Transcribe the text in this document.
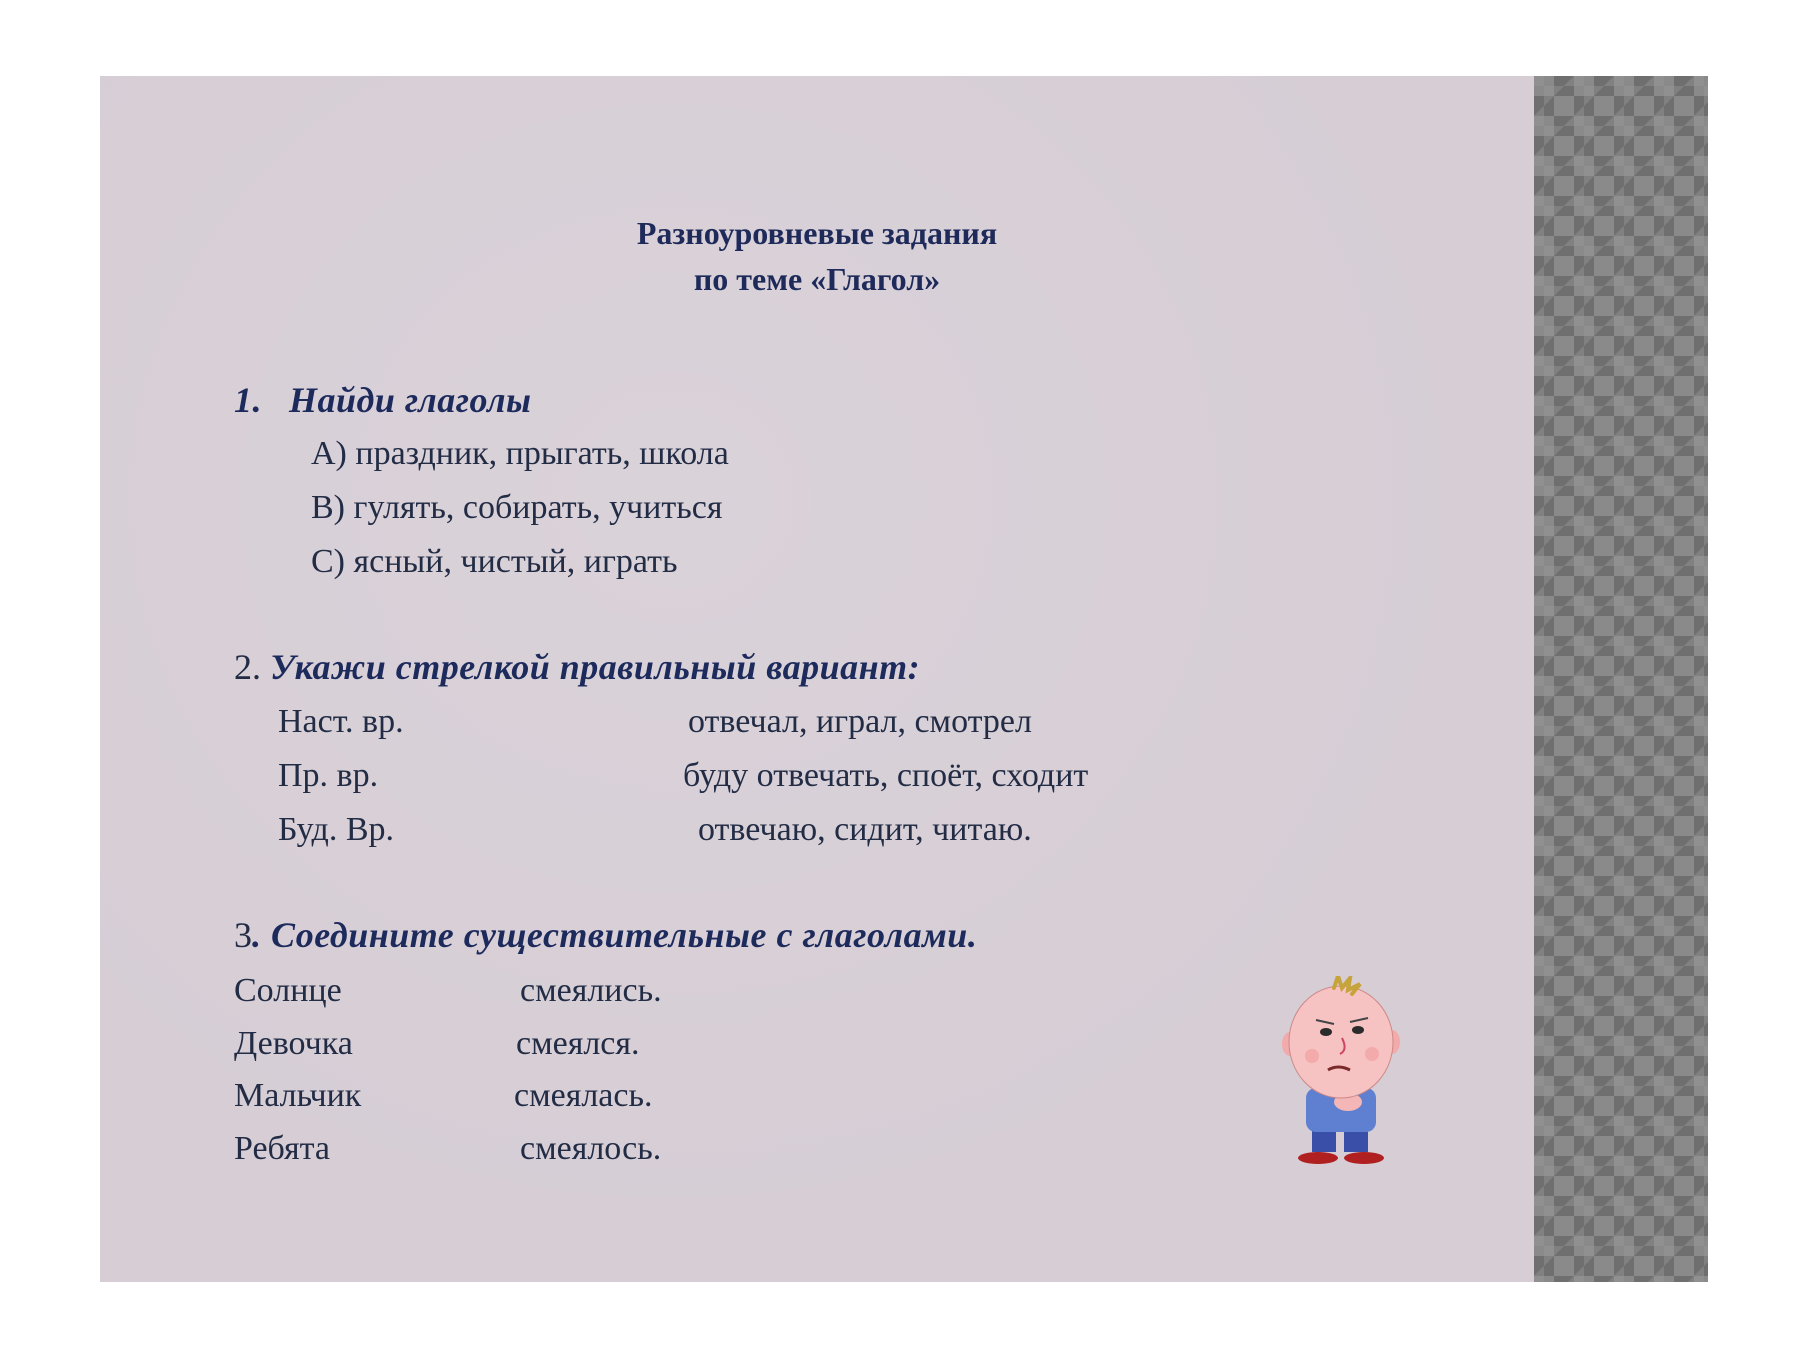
Разноуровневые задания
по теме «Глагол»
1. Найди глаголы
А) праздник, прыгать, школа
В) гулять, собирать, учиться
С) ясный, чистый, играть
2. Укажи стрелкой правильный вариант:
Наст. вр.	отвечал, играл, смотрел
Пр. вр.	буду отвечать, споёт, сходит
Буд. Вр.	отвечаю, сидит, читаю.
3. Соедините существительные с глаголами.
Солнце	смеялись.
Девочка	смеялся.
Мальчик	смеялась.
Ребята	смеялось.
